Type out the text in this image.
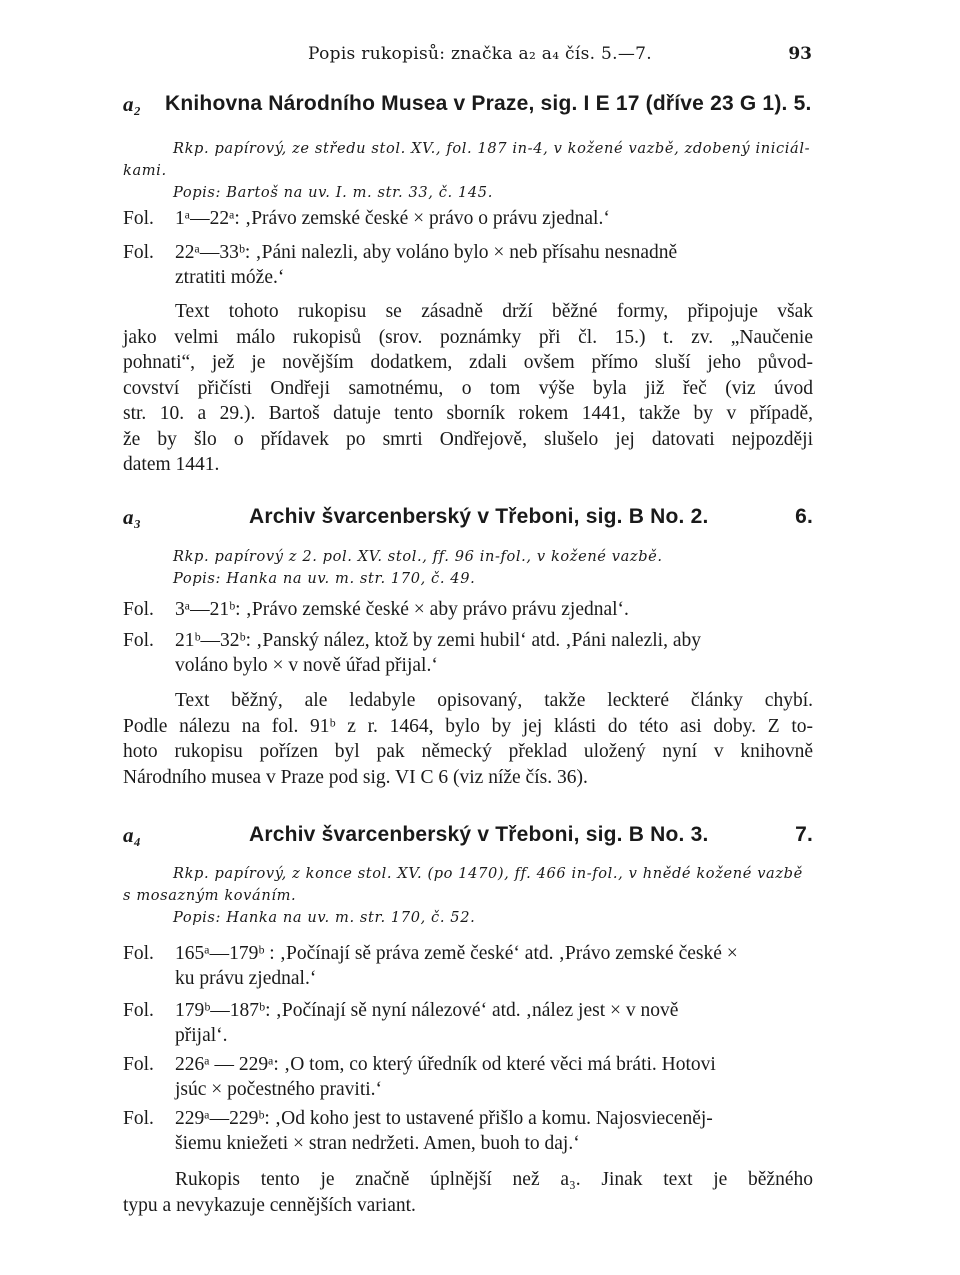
Popis rukopisů: značka a₂ a₄ čís. 5.—7.	93
a₂ Knihovna Národního Musea v Praze, sig. I E 17 (dříve 23 G 1). 5.
Rkp. papírový, ze středu stol. XV., fol. 187 in-4, v kožené vazbě, zdobený iniciál-
kami.
Popis: Bartoš na uv. I. m. str. 33, č. 145.
Fol.	1ᵃ—22ᵃ: ‚Právo zemské české × právo o právu zjednal.‘
Fol.	22ᵃ—33ᵇ: ‚Páni nalezli, aby voláno bylo × neb přísahu nesnadně
ztratiti móže.‘
Text tohoto rukopisu se zásadně drží běžné formy, připojuje však
jako velmi málo rukopisů (srov. poznámky při čl. 15.) t. zv. „Naučenie
pohnati“, jež je novějším dodatkem, zdali ovšem přímo sluší jeho původ-
covství přičísti Ondřeji samotnému, o tom výše byla již řeč (viz úvod
str. 10. a 29.). Bartoš datuje tento sborník rokem 1441, takže by v případě,
že by šlo o přídavek po smrti Ondřejově, slušelo jej datovati nejpozději
datem 1441.
a₃	Archiv švarcenberský v Třeboni, sig. B No. 2.	6.
Rkp. papírový z 2. pol. XV. stol., ff. 96 in-fol., v kožené vazbě.
Popis: Hanka na uv. m. str. 170, č. 49.
Fol.	3ᵃ—21ᵇ: ‚Právo zemské české × aby právo právu zjednal‘.
Fol.	21ᵇ—32ᵇ: ‚Panský nález, ktož by zemi hubil‘ atd. ‚Páni nalezli, aby
voláno bylo × v nově úřad přijal.‘
Text běžný, ale ledabyle opisovaný, takže leckteré články chybí.
Podle nálezu na fol. 91ᵇ z r. 1464, bylo by jej klásti do této asi doby. Z to-
hoto rukopisu pořízen byl pak německý překlad uložený nyní v knihovně
Národního musea v Praze pod sig. VI C 6 (viz níže čís. 36).
a₄	Archiv švarcenberský v Třeboni, sig. B No. 3.	7.
Rkp. papírový, z konce stol. XV. (po 1470), ff. 466 in-fol., v hnědé kožené vazbě
s mosazným kováním.
Popis: Hanka na uv. m. str. 170, č. 52.
Fol.	165ᵃ—179ᵇ : ‚Počínají sě práva země české‘ atd. ‚Právo zemské české ×
ku právu zjednal.‘
Fol.	179ᵇ—187ᵇ: ‚Počínají sě nyní nálezové‘ atd. ‚nález jest × v nově
přijal‘.
Fol.	226ᵃ — 229ᵃ: ‚O tom, co který úředník od které věci má bráti. Hotovi
jsúc × počestného praviti.‘
Fol.	229ᵃ—229ᵇ: ‚Od koho jest to ustavené přišlo a komu. Najosvieceněj-
šiemu kniežeti × stran nedržeti. Amen, buoh to daj.‘
Rukopis tento je značně úplnější než a₃. Jinak text je běžného
typu a nevykazuje cennějších variant.
